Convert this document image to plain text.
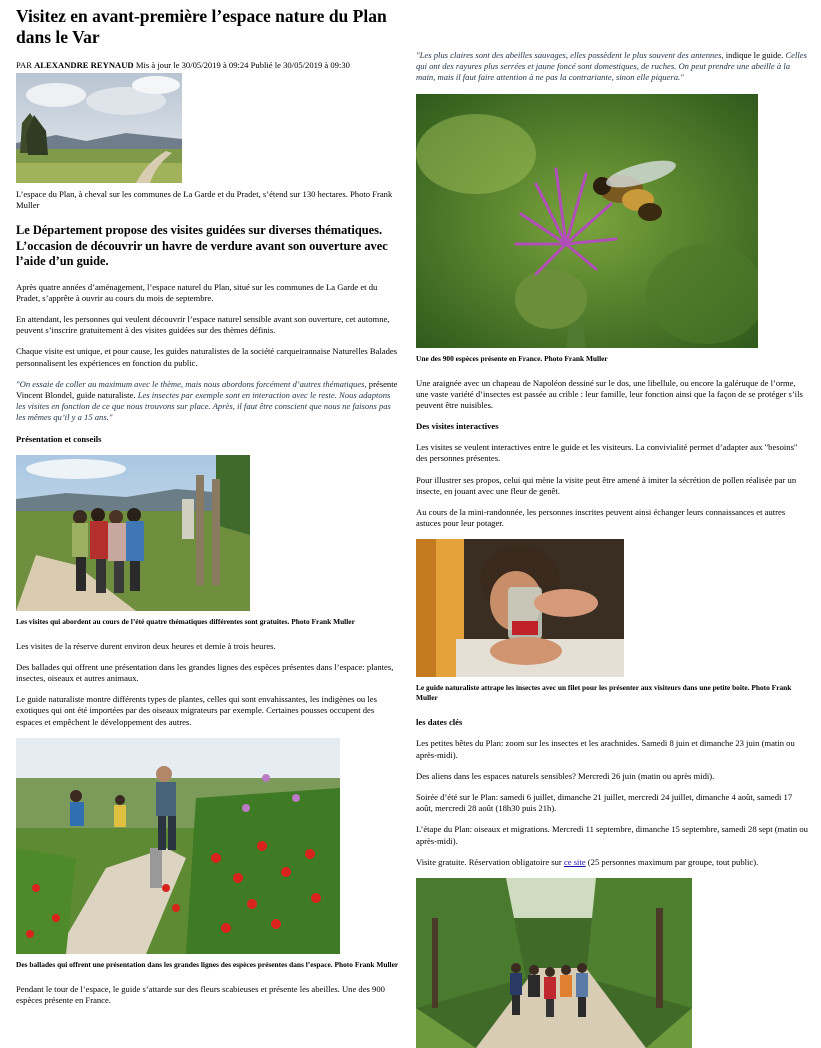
Visitez en avant-première l’espace nature du Plan dans le Var
PAR ALEXANDRE REYNAUD Mis à jour le 30/05/2019 à 09:24 Publié le 30/05/2019 à 09:30
L’espace du Plan, à cheval sur les communes de La Garde et du Pradet, s’étend sur 130 hectares. Photo Frank Muller
Le Département propose des visites guidées sur diverses thématiques. L’occasion de découvrir un havre de verdure avant son ouverture avec l’aide d’un guide.

Après quatre années d’aménagement, l’espace naturel du Plan, situé sur les communes de La Garde et du Pradet, s’apprête à ouvrir au cours du mois de septembre.

En attendant, les personnes qui veulent découvrir l’espace naturel sensible avant son ouverture, cet automne, peuvent s’inscrire gratuitement à des visites guidées sur des thèmes définis.

Chaque visite est unique, et pour cause, les guides naturalistes de la société carqueirannaise Naturelles Balades personnalisent les expériences en fonction du public.

"On essaie de coller au maximum avec le thème, mais nous abordons forcément d’autres thématiques, présente Vincent Blondel, guide naturaliste. Les insectes par exemple sont en interaction avec le reste. Nous adaptons les visites en fonction de ce que nous trouvons sur place. Après, il faut être conscient que nous ne faisons pas les mêmes qu’il y a 15 ans."

Présentation et conseils
Les visites qui abordent au cours de l’été quatre thématiques différentes sont gratuites. Photo Frank Muller

Les visites de la réserve durent environ deux heures et demie à trois heures.

Des ballades qui offrent une présentation dans les grandes lignes des espèces présentes dans l’espace: plantes, insectes, oiseaux et autres animaux.

Le guide naturaliste montre différents types de plantes, celles qui sont envahissantes, les indigènes ou les exotiques qui ont été importées par des oiseaux migrateurs par exemple. Certaines pousses occupent des espaces et empêchent le développement des autres.

Des ballades qui offrent une présentation dans les grandes lignes des espèces présentes dans l’espace. Photo Frank Muller

Pendant le tour de l’espace, le guide s’attarde sur des fleurs scabieuses et présente les abeilles. Une des 900 espèces présente en France.

"Les plus claires sont des abeilles sauvages, elles possèdent le plus souvent des antennes, indique le guide. Celles qui ont des rayures plus serrées et jaune foncé sont domestiques, de ruches. On peut prendre une abeille à la main, mais il faut faire attention à ne pas la contrariante, sinon elle piquera."

Une des 900 espèces présente en France. Photo Frank Muller

Une araignée avec un chapeau de Napoléon dessiné sur le dos, une libellule, ou encore la galéruque de l’orme, une vaste variété d’insectes est passée au crible : leur famille, leur fonction ainsi que la façon de se protéger s’ils peuvent être nuisibles.

Des visites interactives

Les visites se veulent interactives entre le guide et les visiteurs. La convivialité permet d’adapter aux "besoins" des personnes présentes.

Pour illustrer ses propos, celui qui mène la visite peut être amené à imiter la sécrétion de pollen réalisée par un insecte, en jouant avec une fleur de genêt.

Au cours de la mini-randonnée, les personnes inscrites peuvent ainsi échanger leurs connaissances et autres astuces pour leur potager.

Le guide naturaliste attrape les insectes avec un filet pour les présenter aux visiteurs dans une petite boîte. Photo Frank Muller
les dates clés

Les petites bêtes du Plan: zoom sur les insectes et les arachnides. Samedi 8 juin et dimanche 23 juin (matin ou après-midi).

Des aliens dans les espaces naturels sensibles? Mercredi 26 juin (matin ou après midi).

Soirée d’été sur le Plan: samedi 6 juillet, dimanche 21 juillet, mercredi 24 juillet, dimanche 4 août, samedi 17 août, mercredi 28 août (18h30 puis 21h).

L’étape du Plan: oiseaux et migrations. Mercredi 11 septembre, dimanche 15 septembre, samedi 28 sept (matin ou après-midi).

Visite gratuite. Réservation obligatoire sur ce site (25 personnes maximum par groupe, tout public).
